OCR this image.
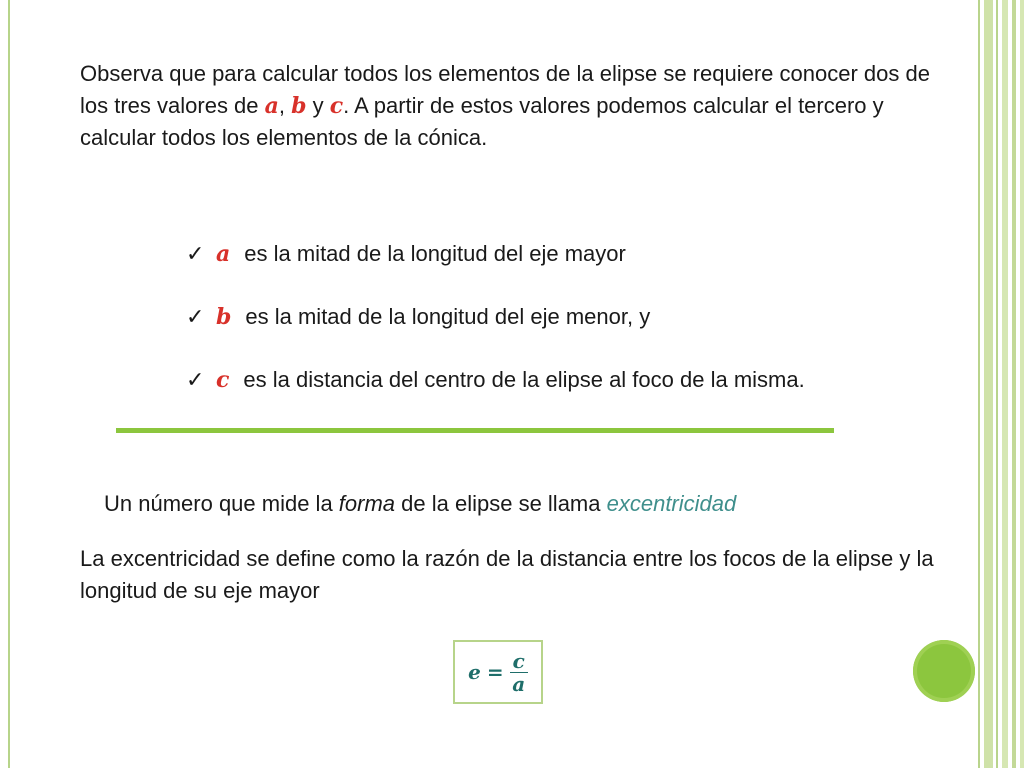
Observa que para calcular todos los elementos de la elipse se requiere conocer dos de los tres valores de 𝒂, 𝒃 y 𝒄. A partir de estos valores podemos calcular el tercero y calcular todos los elementos de la cónica.

✓ 𝒂 es la mitad de la longitud del eje mayor
✓ 𝒃 es la mitad de la longitud del eje menor, y
✓ 𝒄 es la distancia del centro de la elipse al foco de la misma.

Un número que mide la forma de la elipse se llama excentricidad

La excentricidad se define como la razón de la distancia entre los focos de la elipse y la longitud de su eje mayor

𝒆 = $\frac{\text{𝒄}}{\text{𝒂}}$
